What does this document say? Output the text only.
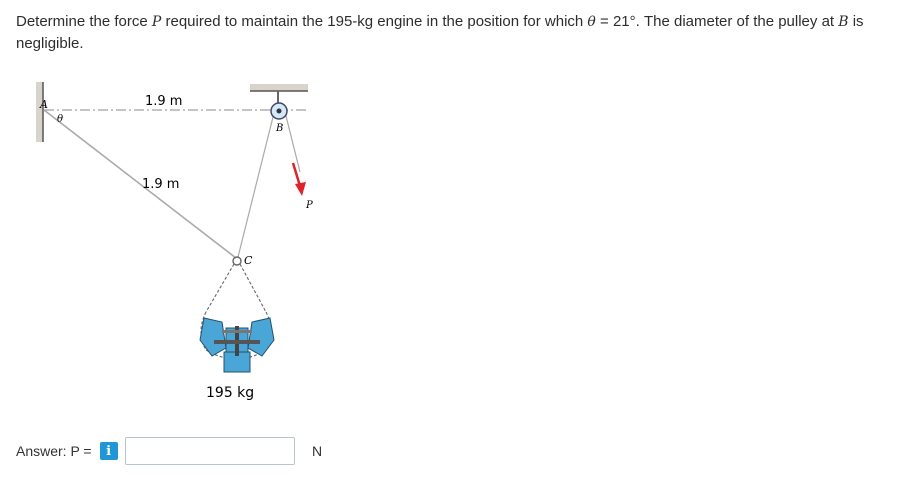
Determine the force P required to maintain the 195-kg engine in the position for which θ = 21°. The diameter of the pulley at B is negligible.
A
θ
1.9 m
1.9 m
B
P
C
195 kg
Answer: P =	i	N
